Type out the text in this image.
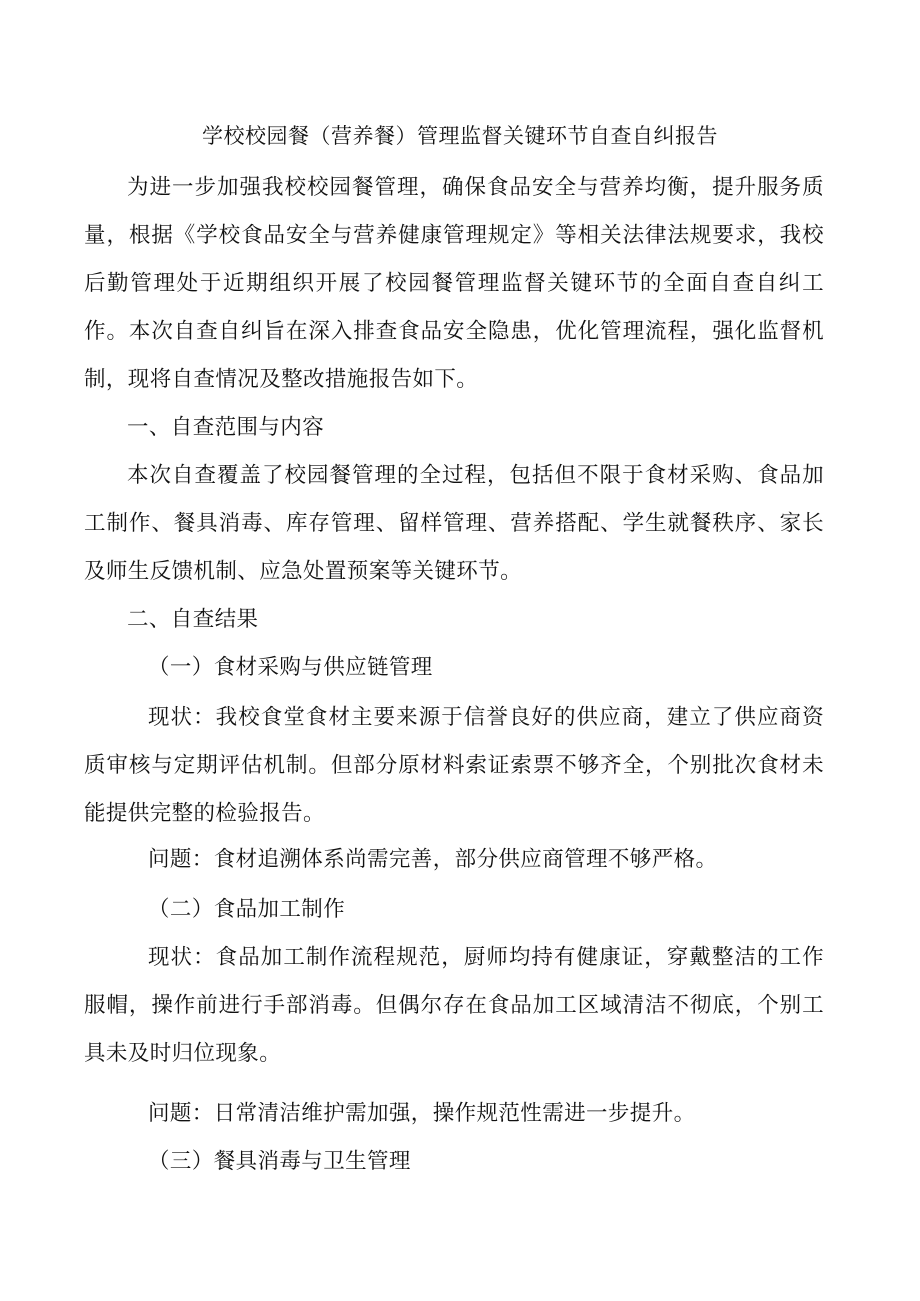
学校校园餐（营养餐）管理监督关键环节自查自纠报告
为进一步加强我校校园餐管理，确保食品安全与营养均衡，提升服务质量，根据《学校食品安全与营养健康管理规定》等相关法律法规要求，我校后勤管理处于近期组织开展了校园餐管理监督关键环节的全面自查自纠工作。本次自查自纠旨在深入排查食品安全隐患，优化管理流程，强化监督机制，现将自查情况及整改措施报告如下。
一、自查范围与内容
本次自查覆盖了校园餐管理的全过程，包括但不限于食材采购、食品加工制作、餐具消毒、库存管理、留样管理、营养搭配、学生就餐秩序、家长及师生反馈机制、应急处置预案等关键环节。
二、自查结果
（一）食材采购与供应链管理
现状：我校食堂食材主要来源于信誉良好的供应商，建立了供应商资质审核与定期评估机制。但部分原材料索证索票不够齐全，个别批次食材未能提供完整的检验报告。
问题：食材追溯体系尚需完善，部分供应商管理不够严格。
（二）食品加工制作
现状：食品加工制作流程规范，厨师均持有健康证，穿戴整洁的工作服帽，操作前进行手部消毒。但偶尔存在食品加工区域清洁不彻底，个别工具未及时归位现象。
问题：日常清洁维护需加强，操作规范性需进一步提升。
（三）餐具消毒与卫生管理
